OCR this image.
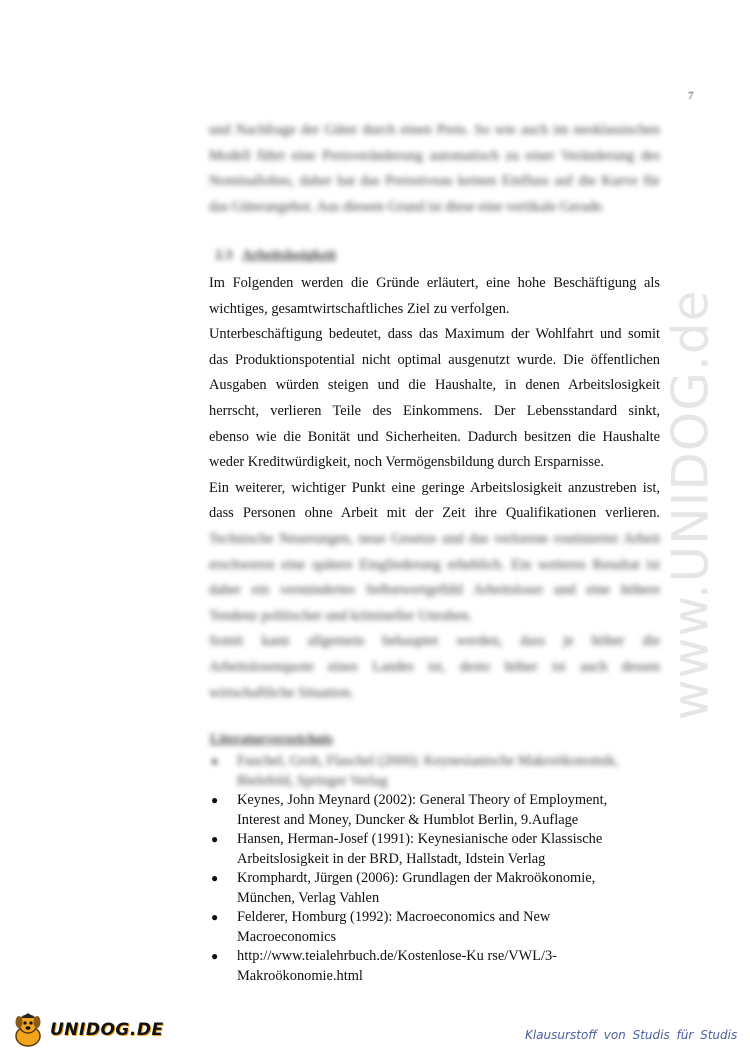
7
www.UNIDOG.de
und Nachfrage der Güter durch einen Preis. So wie auch im neoklassischen
Modell führt eine Preisveränderung automatisch zu einer Veränderung des
Nominallohns, daher hat das Preisniveau keinen Einfluss auf die Kurve für
das Güterangebot. Aus diesem Grund ist diese eine vertikale Gerade.
2.3 Arbeitslosigkeit
Im Folgenden werden die Gründe erläutert, eine hohe Beschäftigung als
wichtiges, gesamtwirtschaftliches Ziel zu verfolgen.
Unterbeschäftigung bedeutet, dass das Maximum der Wohlfahrt und somit
das Produktionspotential nicht optimal ausgenutzt wurde. Die öffentlichen
Ausgaben würden steigen und die Haushalte, in denen Arbeitslosigkeit
herrscht, verlieren Teile des Einkommens. Der Lebensstandard sinkt,
ebenso wie die Bonität und Sicherheiten. Dadurch besitzen die Haushalte
weder Kreditwürdigkeit, noch Vermögensbildung durch Ersparnisse.
Ein weiterer, wichtiger Punkt eine geringe Arbeitslosigkeit anzustreben ist,
dass Personen ohne Arbeit mit der Zeit ihre Qualifikationen verlieren.
Technische Neuerungen, neue Gesetze und das verlorene routinierter Arbeit
erschweren eine spätere Eingliederung erheblich. Ein weiteres Resultat ist
daher ein vermindertes Selbstwertgefühl Arbeitsloser und eine höhere
Tendenz politischer und krimineller Unruhen.
Somit kann allgemein behauptet werden, dass je höher die
Arbeitslosenquote eines Landes ist, desto höher ist auch dessen
wirtschaftliche Situation.
Literaturverzeichnis
● Fauchel, Groh, Flaschel (2000): Keynesianische Makroökonomik,
Bielefeld, Springer Verlag
● Keynes, John Meynard (2002): General Theory of Employment,
Interest and Money, Duncker & Humblot Berlin, 9.Auflage
● Hansen, Herman-Josef (1991): Keynesianische oder Klassische
Arbeitslosigkeit in der BRD, Hallstadt, Idstein Verlag
● Kromphardt, Jürgen (2006): Grundlagen der Makroökonomie,
München, Verlag Vahlen
● Felderer, Homburg (1992): Macroeconomics and New
Macroeconomics
● http://www.teialehrbuch.de/Kostenlose-Ku rse/VWL/3-
Makroökonomie.html
UNIDOG.DE	Klausurstoff von Studis für Studis
